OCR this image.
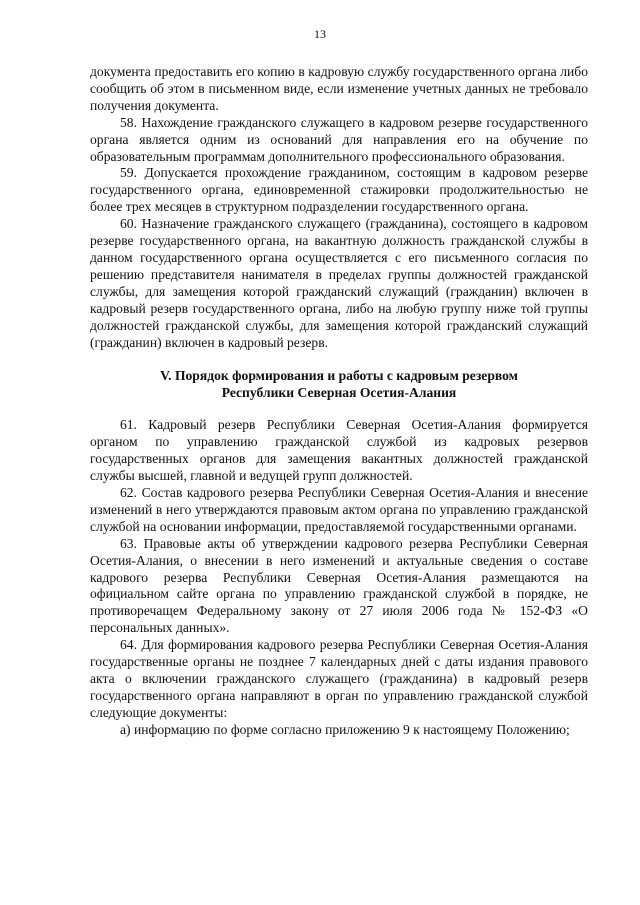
13

документа предоставить его копию в кадровую службу государственного органа либо сообщить об этом в письменном виде, если изменение учетных данных не требовало получения документа.

58. Нахождение гражданского служащего в кадровом резерве государственного органа является одним из оснований для направления его на обучение по образовательным программам дополнительного профессионального образования.

59. Допускается прохождение гражданином, состоящим в кадровом резерве государственного органа, единовременной стажировки продолжительностью не более трех месяцев в структурном подразделении государственного органа.

60. Назначение гражданского служащего (гражданина), состоящего в кадровом резерве государственного органа, на вакантную должность гражданской службы в данном государственного органа осуществляется с его письменного согласия по решению представителя нанимателя в пределах группы должностей гражданской службы, для замещения которой гражданский служащий (гражданин) включен в кадровый резерв государственного органа, либо на любую группу ниже той группы должностей гражданской службы, для замещения которой гражданский служащий (гражданин) включен в кадровый резерв.

V. Порядок формирования и работы с кадровым резервом
Республики Северная Осетия-Алания

61. Кадровый резерв Республики Северная Осетия-Алания формируется органом по управлению гражданской службой из кадровых резервов государственных органов для замещения вакантных должностей гражданской службы высшей, главной и ведущей групп должностей.

62. Состав кадрового резерва Республики Северная Осетия-Алания и внесение изменений в него утверждаются правовым актом органа по управлению гражданской службой на основании информации, предоставляемой государственными органами.

63. Правовые акты об утверждении кадрового резерва Республики Северная Осетия-Алания, о внесении в него изменений и актуальные сведения о составе кадрового резерва Республики Северная Осетия-Алания размещаются на официальном сайте органа по управлению гражданской службой в порядке, не противоречащем Федеральному закону от 27 июля 2006 года № 152-ФЗ «О персональных данных».

64. Для формирования кадрового резерва Республики Северная Осетия-Алания государственные органы не позднее 7 календарных дней с даты издания правового акта о включении гражданского служащего (гражданина) в кадровый резерв государственного органа направляют в орган по управлению гражданской службой следующие документы:

а) информацию по форме согласно приложению 9 к настоящему Положению;
